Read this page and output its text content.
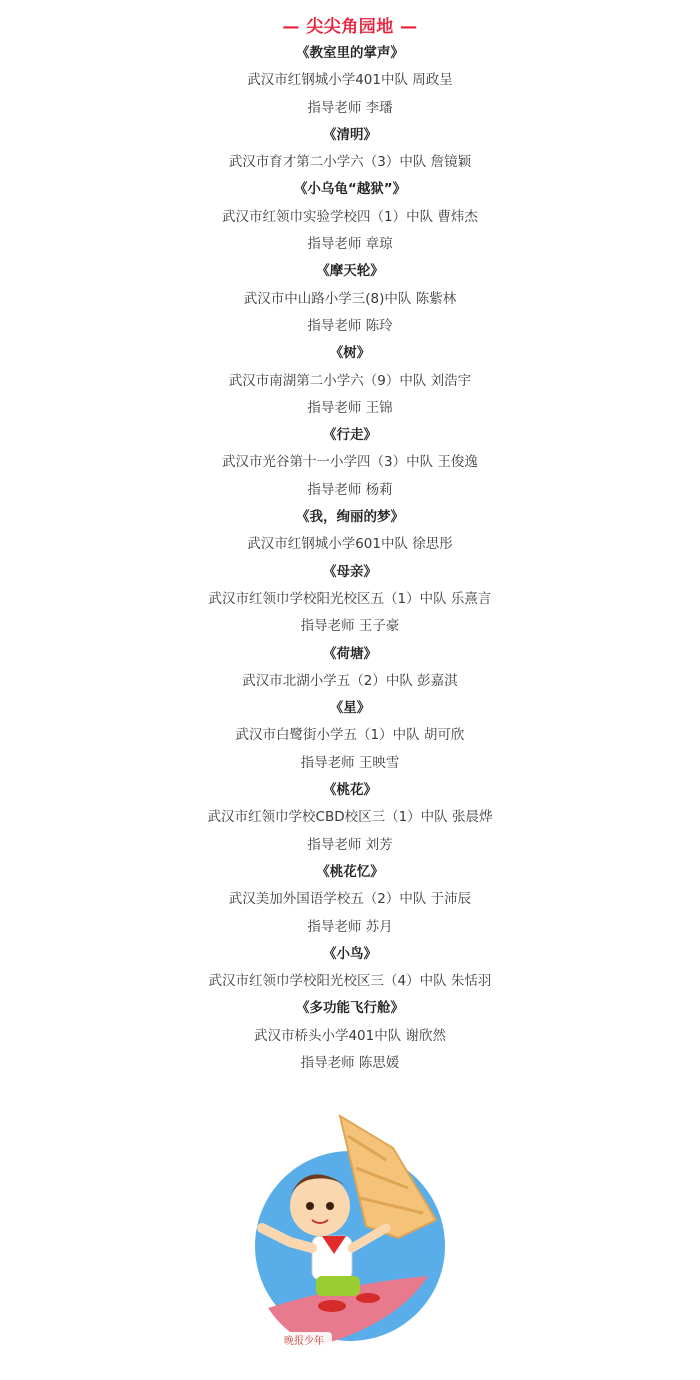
— 尖尖角园地 —
《教室里的掌声》
武汉市红钢城小学401中队 周政呈
指导老师 李璠
《清明》
武汉市育才第二小学六（3）中队 詹镜颖
《小乌龟“越狱”》
武汉市红领巾实验学校四（1）中队 曹炜杰
指导老师 章琼
《摩天轮》
武汉市中山路小学三(8)中队 陈紫林
指导老师 陈玲
《树》
武汉市南湖第二小学六（9）中队 刘浩宇
指导老师 王锦
《行走》
武汉市光谷第十一小学四（3）中队 王俊逸
指导老师 杨莉
《我，绚丽的梦》
武汉市红钢城小学601中队 徐思彤
《母亲》
武汉市红领巾学校阳光校区五（1）中队 乐熹言
指导老师 王子豪
《荷塘》
武汉市北湖小学五（2）中队 彭嘉淇
《星》
武汉市白鹭街小学五（1）中队 胡可欣
指导老师 王映雪
《桃花》
武汉市红领巾学校CBD校区三（1）中队 张晨烨
指导老师 刘芳
《桃花忆》
武汉美加外国语学校五（2）中队 于沛辰
指导老师 苏月
《小鸟》
武汉市红领巾学校阳光校区三（4）中队 朱恬羽
《多功能飞行舱》
武汉市桥头小学401中队 谢欣然
指导老师 陈思媛
晚报少年
